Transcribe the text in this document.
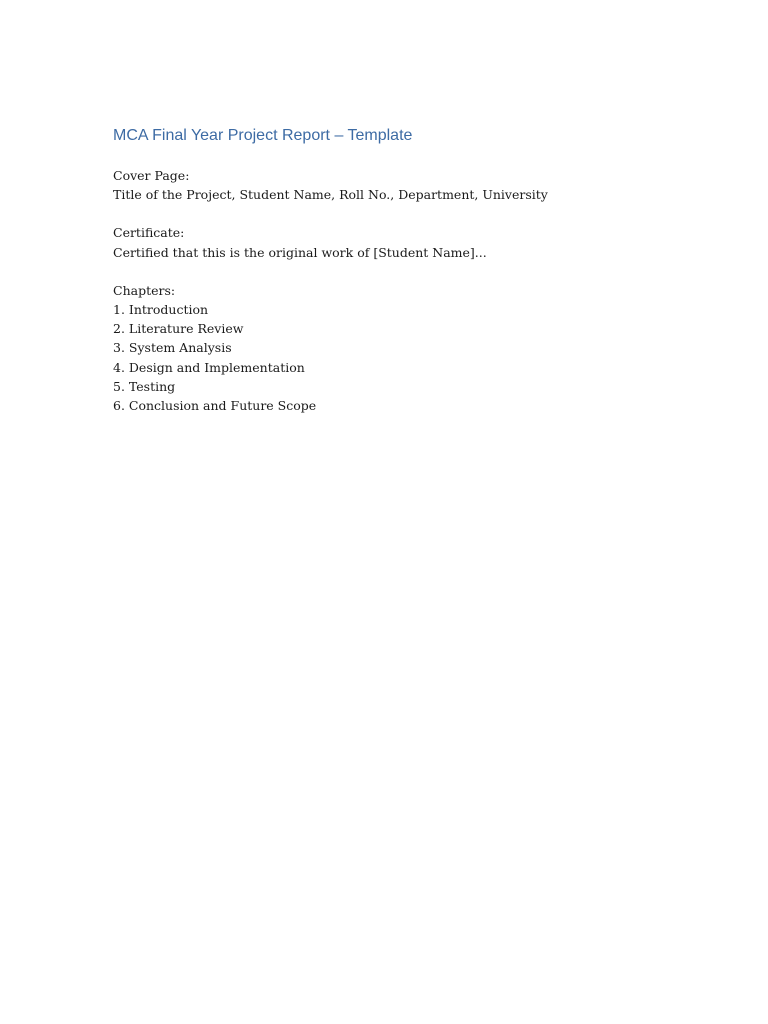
MCA Final Year Project Report – Template
Cover Page:
Title of the Project, Student Name, Roll No., Department, University
Certificate:
Certified that this is the original work of [Student Name]...
Chapters:
1. Introduction
2. Literature Review
3. System Analysis
4. Design and Implementation
5. Testing
6. Conclusion and Future Scope
